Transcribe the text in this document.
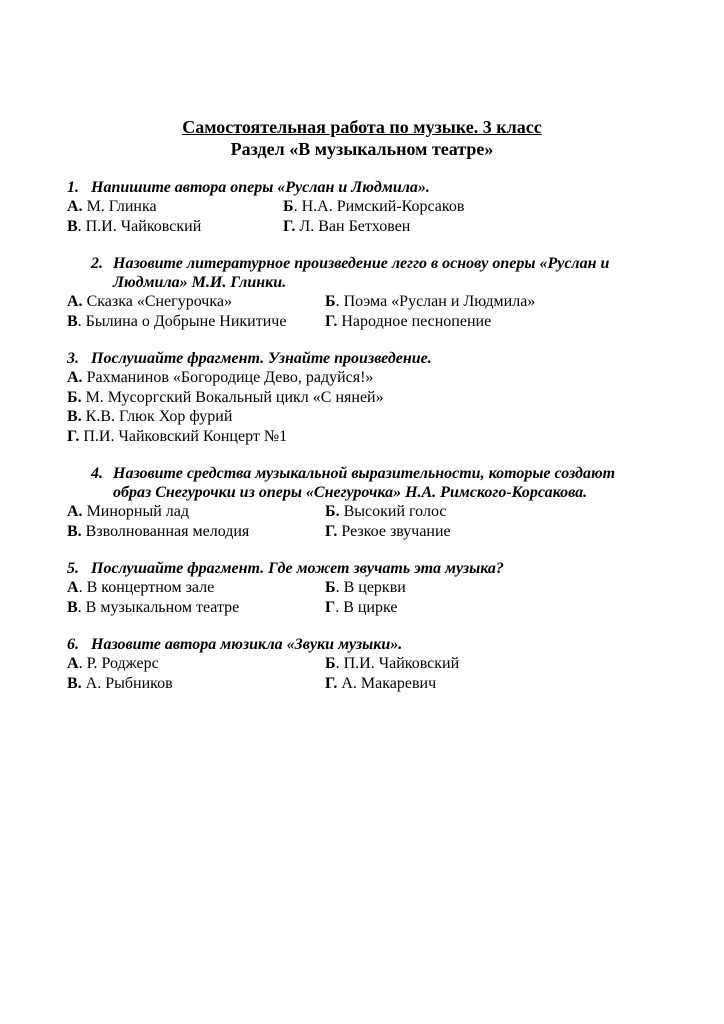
Самостоятельная работа по музыке. 3 класс
Раздел «В музыкальном театре»
1. Напишите автора оперы «Руслан и Людмила».
А. М. Глинка	Б. Н.А. Римский-Корсаков
В. П.И. Чайковский	Г. Л. Ван Бетховен
2. Назовите литературное произведение легго в основу оперы «Руслан и
Людмила» М.И. Глинки.
А. Сказка «Снегурочка»	Б. Поэма «Руслан и Людмила»
В. Былина о Добрыне Никитиче	Г. Народное песнопение
3. Послушайте фрагмент. Узнайте произведение.
А. Рахманинов «Богородице Дево, радуйся!»
Б. М. Мусоргский Вокальный цикл «С няней»
В. К.В. Глюк Хор фурий
Г. П.И. Чайковский Концерт №1
4. Назовите средства музыкальной выразительности, которые создают
образ Снегурочки из оперы «Снегурочка» Н.А. Римского-Корсакова.
А. Минорный лад	Б. Высокий голос
В. Взволнованная мелодия	Г. Резкое звучание
5. Послушайте фрагмент. Где может звучать эта музыка?
А. В концертном зале	Б. В церкви
В. В музыкальном театре	Г. В цирке
6. Назовите автора мюзикла «Звуки музыки».
А. Р. Роджерс	Б. П.И. Чайковский
В. А. Рыбников	Г. А. Макаревич
